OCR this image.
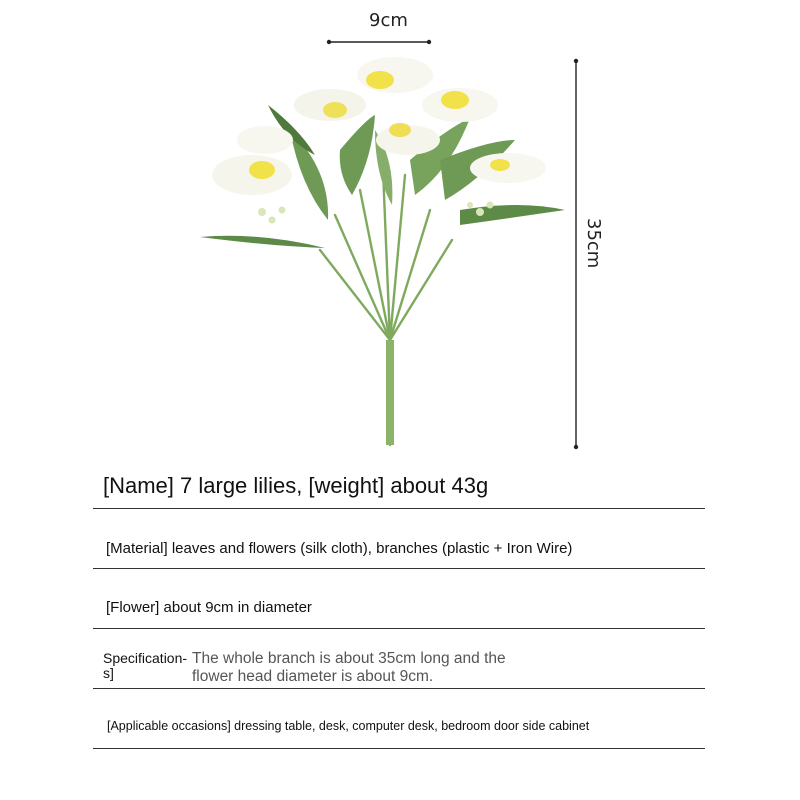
9cm
35cm
[Name] 7 large lilies, [weight] about 43g
[Material] leaves and flowers (silk cloth), branches (plastic + Iron Wire)
[Flower] about 9cm in diameter
Specification-
s]
The whole branch is about 35cm long and the
flower head diameter is about 9cm.
[Applicable occasions] dressing table, desk, computer desk, bedroom door side cabinet
